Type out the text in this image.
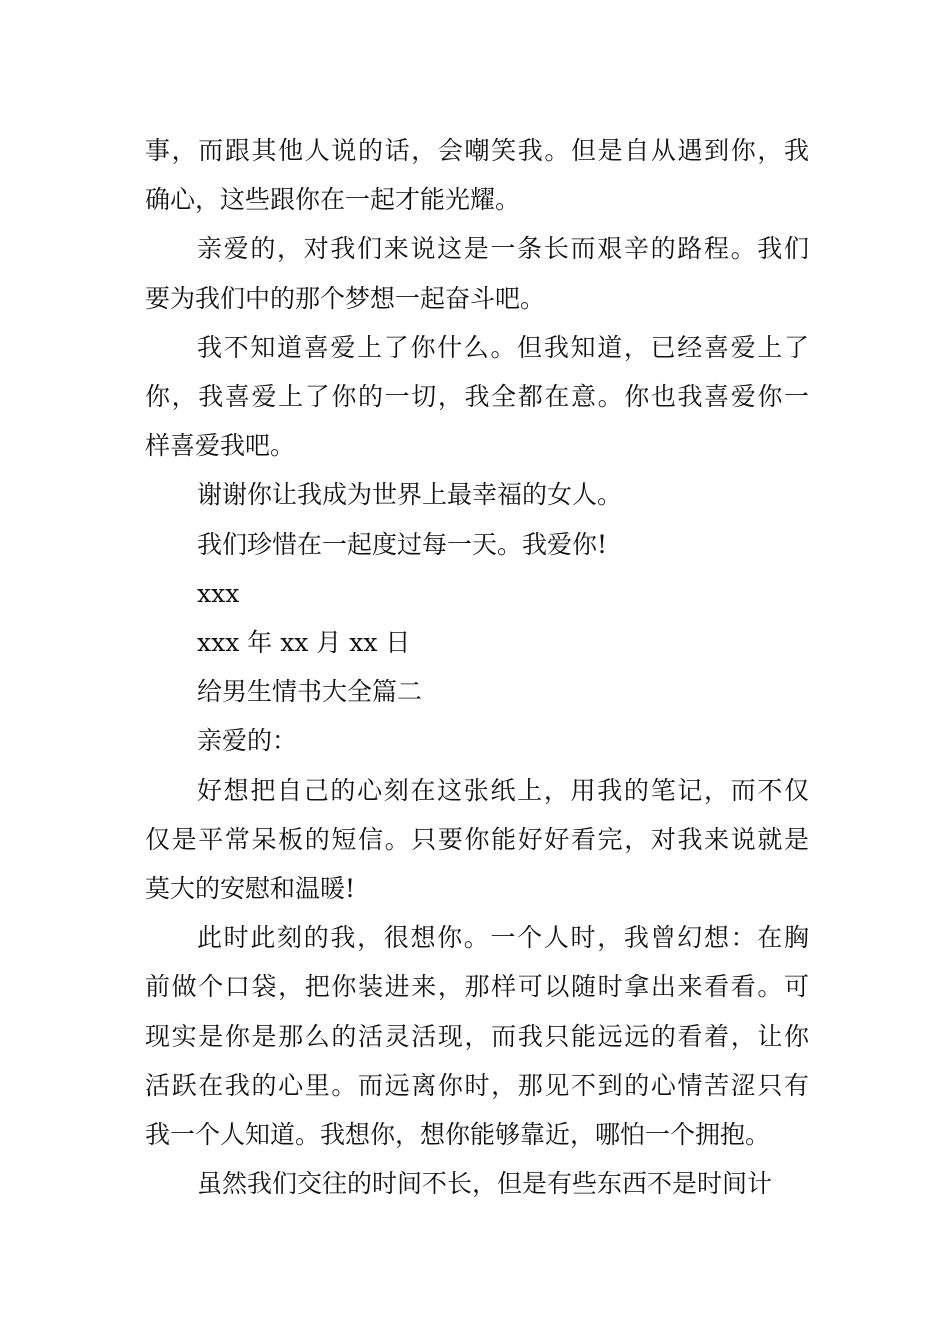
事，而跟其他人说的话，会嘲笑我。但是自从遇到你，我
确心，这些跟你在一起才能光耀。
亲爱的，对我们来说这是一条长而艰辛的路程。我们
要为我们中的那个梦想一起奋斗吧。
我不知道喜爱上了你什么。但我知道，已经喜爱上了
你，我喜爱上了你的一切，我全都在意。你也我喜爱你一
样喜爱我吧。
谢谢你让我成为世界上最幸福的女人。
我们珍惜在一起度过每一天。我爱你!
xxx
xxx 年 xx 月 xx 日
给男生情书大全篇二
亲爱的：
好想把自己的心刻在这张纸上，用我的笔记，而不仅
仅是平常呆板的短信。只要你能好好看完，对我来说就是
莫大的安慰和温暖!
此时此刻的我，很想你。一个人时，我曾幻想：在胸
前做个口袋，把你装进来，那样可以随时拿出来看看。可
现实是你是那么的活灵活现，而我只能远远的看着，让你
活跃在我的心里。而远离你时，那见不到的心情苦涩只有
我一个人知道。我想你，想你能够靠近，哪怕一个拥抱。
虽然我们交往的时间不长，但是有些东西不是时间计
